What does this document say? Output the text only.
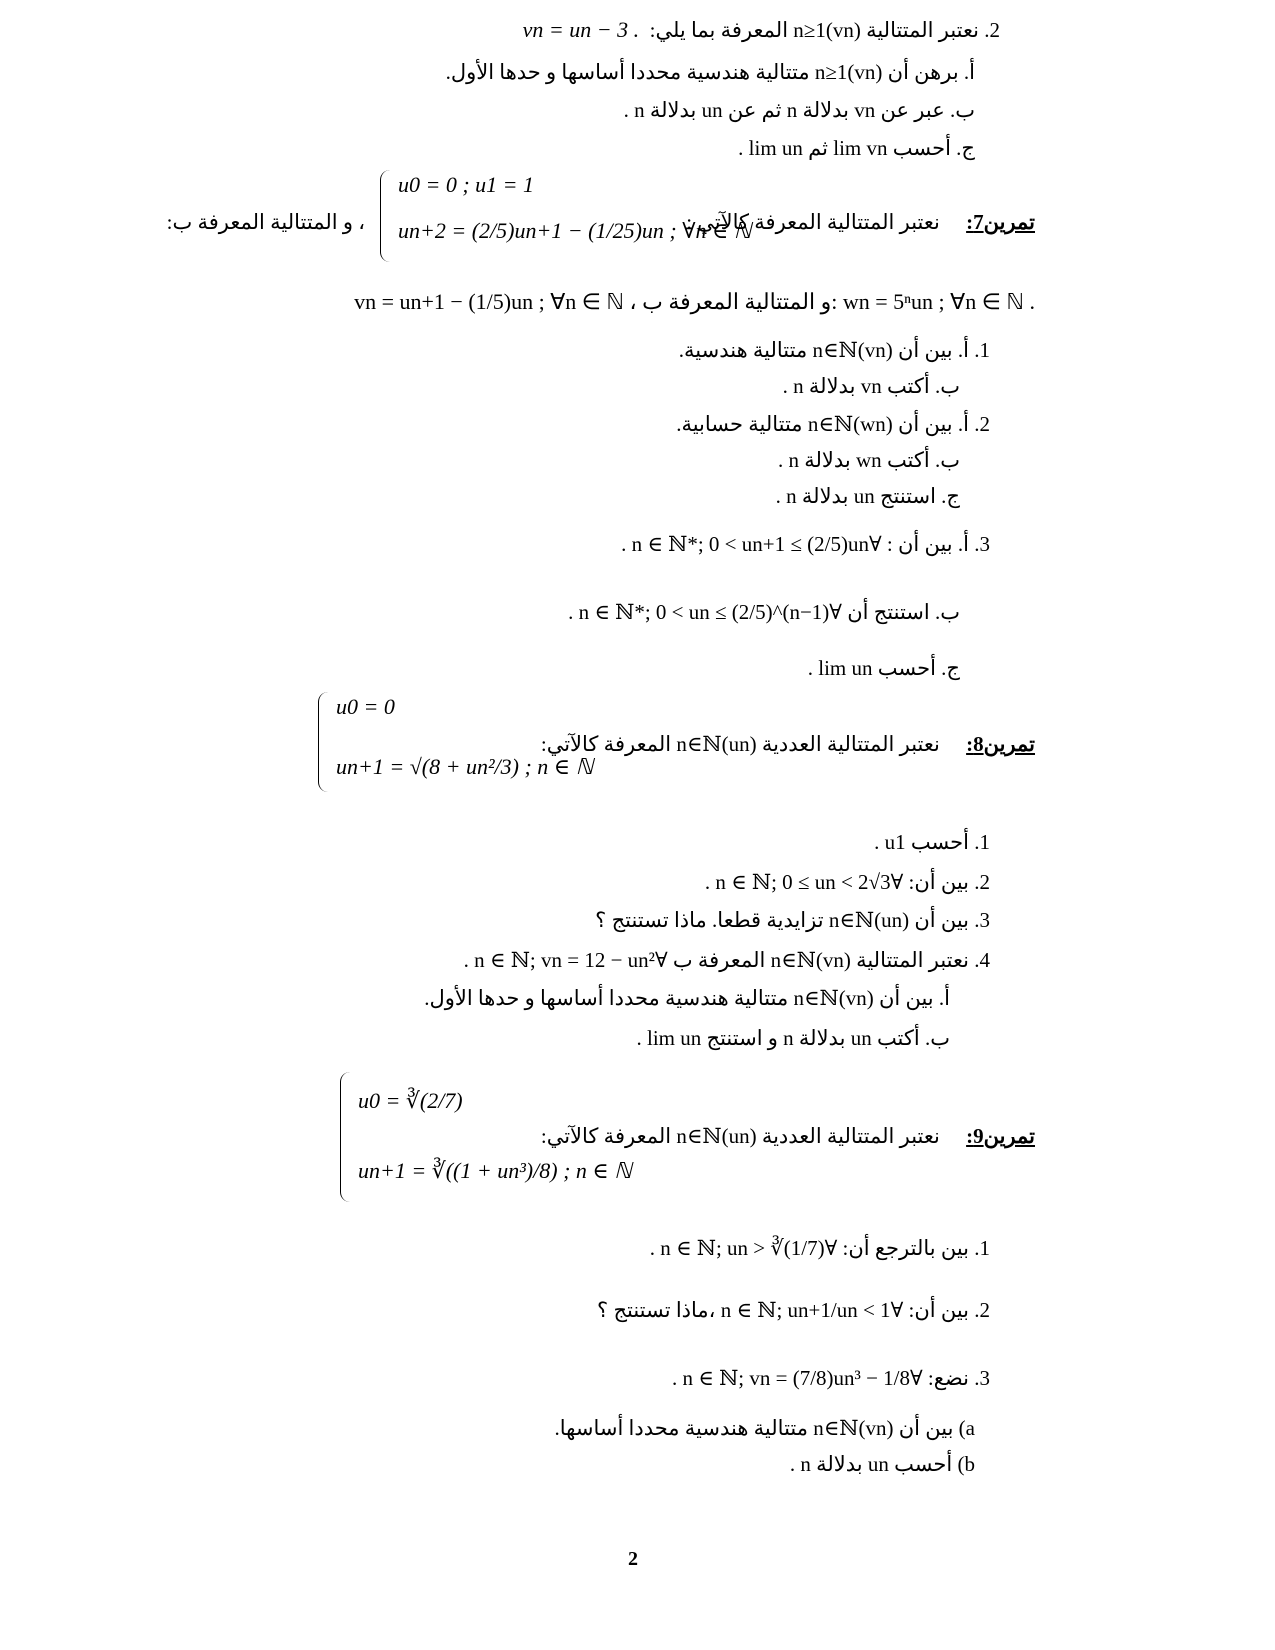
2. نعتبر المتتالية (vn)n≥1 المعرفة بما يلي:  vn = un − 3 .
أ. برهن أن (vn)n≥1 متتالية هندسية محددا أساسها و حدها الأول.
ب. عبر عن vn بدلالة n ثم عن un بدلالة n .
ج. أحسب lim vn ثم lim un .
تمرين7:     نعتبر المتتالية المعرفة كالآتي :
u0 = 0 ; u1 = 1
un+2 = (2/5)un+1 − (1/25)un ; ∀n ∈ ℕ
، و المتتالية المعرفة ب:
vn = un+1 − (1/5)un ; ∀n ∈ ℕ ، و المتتالية المعرفة ب: wn = 5ⁿun ; ∀n ∈ ℕ .
1. أ. بين أن (vn)n∈ℕ متتالية هندسية.
ب. أكتب vn بدلالة n .
2. أ. بين أن (wn)n∈ℕ متتالية حسابية.
ب. أكتب wn بدلالة n .
ج. استنتج un بدلالة n .
3. أ. بين أن : ∀n ∈ ℕ*; 0 < un+1 ≤ (2/5)un .
ب. استنتج أن ∀n ∈ ℕ*; 0 < un ≤ (2/5)^(n−1) .
ج. أحسب lim un .
تمرين8:     نعتبر المتتالية العددية (un)n∈ℕ المعرفة كالآتي:
u0 = 0
un+1 = √(8 + un²/3) ; n ∈ ℕ
1. أحسب u1 .
2. بين أن: ∀n ∈ ℕ; 0 ≤ un < 2√3 .
3. بين أن (un)n∈ℕ تزايدية قطعا. ماذا تستنتج ؟
4. نعتبر المتتالية (vn)n∈ℕ المعرفة ب ∀n ∈ ℕ; vn = 12 − un² .
أ. بين أن (vn)n∈ℕ متتالية هندسية محددا أساسها و حدها الأول.
ب. أكتب un بدلالة n و استنتج lim un .
تمرين9:     نعتبر المتتالية العددية (un)n∈ℕ المعرفة كالآتي:
u0 = ∛(2/7)
un+1 = ∛((1 + un³)/8) ; n ∈ ℕ
1. بين بالترجع أن: ∀n ∈ ℕ; un > ∛(1/7) .
2. بين أن: ∀n ∈ ℕ; un+1/un < 1 ،ماذا تستنتج ؟
3. نضع: ∀n ∈ ℕ; vn = (7/8)un³ − 1/8 .
a) بين أن (vn)n∈ℕ متتالية هندسية محددا أساسها.
b) أحسب un بدلالة n .
2
